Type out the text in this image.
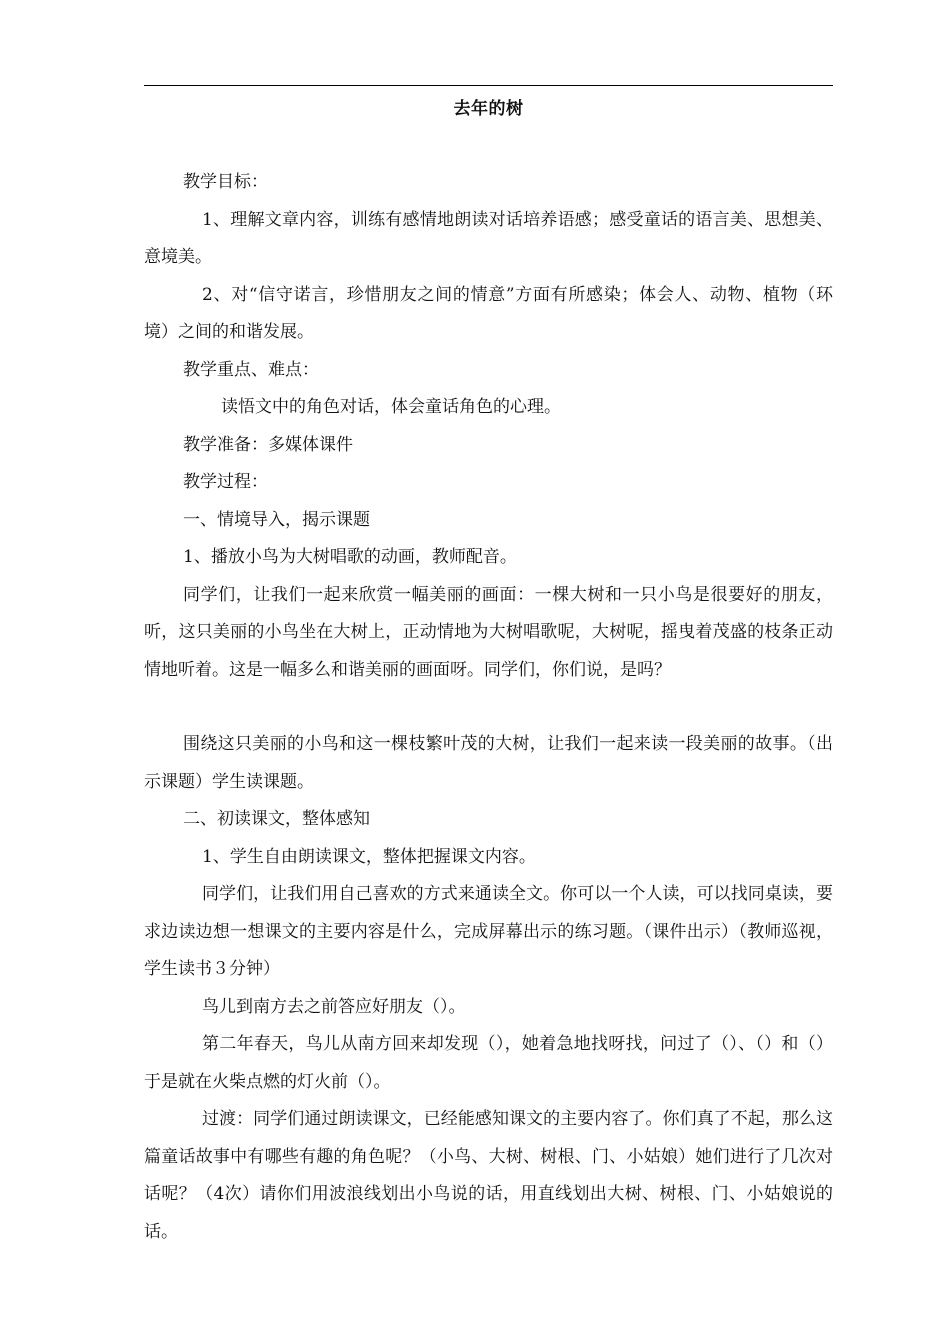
去年的树

教学目标：

1、理解文章内容，训练有感情地朗读对话培养语感；感受童话的语言美、思想美、意境美。

2、对“信守诺言，珍惜朋友之间的情意”方面有所感染；体会人、动物、植物（环境）之间的和谐发展。

教学重点、难点：

读悟文中的角色对话，体会童话角色的心理。

教学准备：多媒体课件

教学过程：

一、情境导入，揭示课题

1、播放小鸟为大树唱歌的动画，教师配音。

同学们，让我们一起来欣赏一幅美丽的画面：一棵大树和一只小鸟是很要好的朋友，听，这只美丽的小鸟坐在大树上，正动情地为大树唱歌呢，大树呢，摇曳着茂盛的枝条正动情地听着。这是一幅多么和谐美丽的画面呀。同学们，你们说，是吗？

围绕这只美丽的小鸟和这一棵枝繁叶茂的大树，让我们一起来读一段美丽的故事。（出示课题）学生读课题。

二、初读课文，整体感知

1、学生自由朗读课文，整体把握课文内容。

同学们，让我们用自己喜欢的方式来通读全文。你可以一个人读，可以找同桌读，要求边读边想一想课文的主要内容是什么，完成屏幕出示的练习题。（课件出示）（教师巡视，学生读书３分钟）

鸟儿到南方去之前答应好朋友（）。

第二年春天，鸟儿从南方回来却发现（），她着急地找呀找，问过了（）、（）和（）于是就在火柴点燃的灯火前（）。

过渡：同学们通过朗读课文，已经能感知课文的主要内容了。你们真了不起，那么这篇童话故事中有哪些有趣的角色呢？（小鸟、大树、树根、门、小姑娘）她们进行了几次对话呢？（4次）请你们用波浪线划出小鸟说的话，用直线划出大树、树根、门、小姑娘说的话。
